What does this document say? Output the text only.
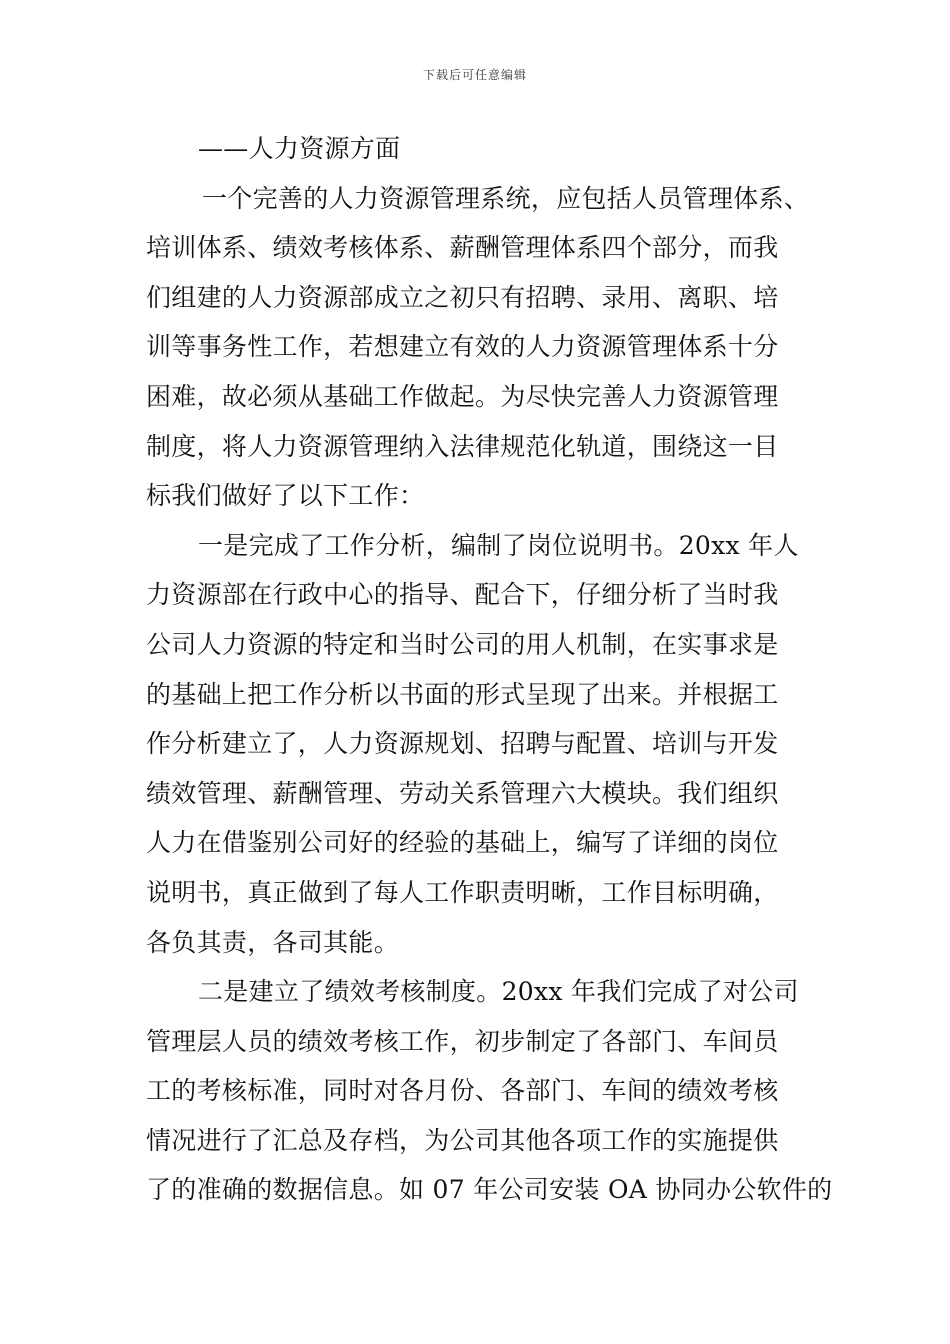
下载后可任意编辑
——人力资源方面
一个完善的人力资源管理系统，应包括人员管理体系、
培训体系、绩效考核体系、薪酬管理体系四个部分，而我
们组建的人力资源部成立之初只有招聘、录用、离职、培
训等事务性工作，若想建立有效的人力资源管理体系十分
困难，故必须从基础工作做起。为尽快完善人力资源管理
制度，将人力资源管理纳入法律规范化轨道，围绕这一目
标我们做好了以下工作：
一是完成了工作分析，编制了岗位说明书。20xx 年人
力资源部在行政中心的指导、配合下，仔细分析了当时我
公司人力资源的特定和当时公司的用人机制，在实事求是
的基础上把工作分析以书面的形式呈现了出来。并根据工
作分析建立了，人力资源规划、招聘与配置、培训与开发
绩效管理、薪酬管理、劳动关系管理六大模块。我们组织
人力在借鉴别公司好的经验的基础上，编写了详细的岗位
说明书，真正做到了每人工作职责明晰，工作目标明确，
各负其责，各司其能。
二是建立了绩效考核制度。20xx 年我们完成了对公司
管理层人员的绩效考核工作，初步制定了各部门、车间员
工的考核标准，同时对各月份、各部门、车间的绩效考核
情况进行了汇总及存档，为公司其他各项工作的实施提供
了的准确的数据信息。如 07 年公司安装 OA 协同办公软件的
